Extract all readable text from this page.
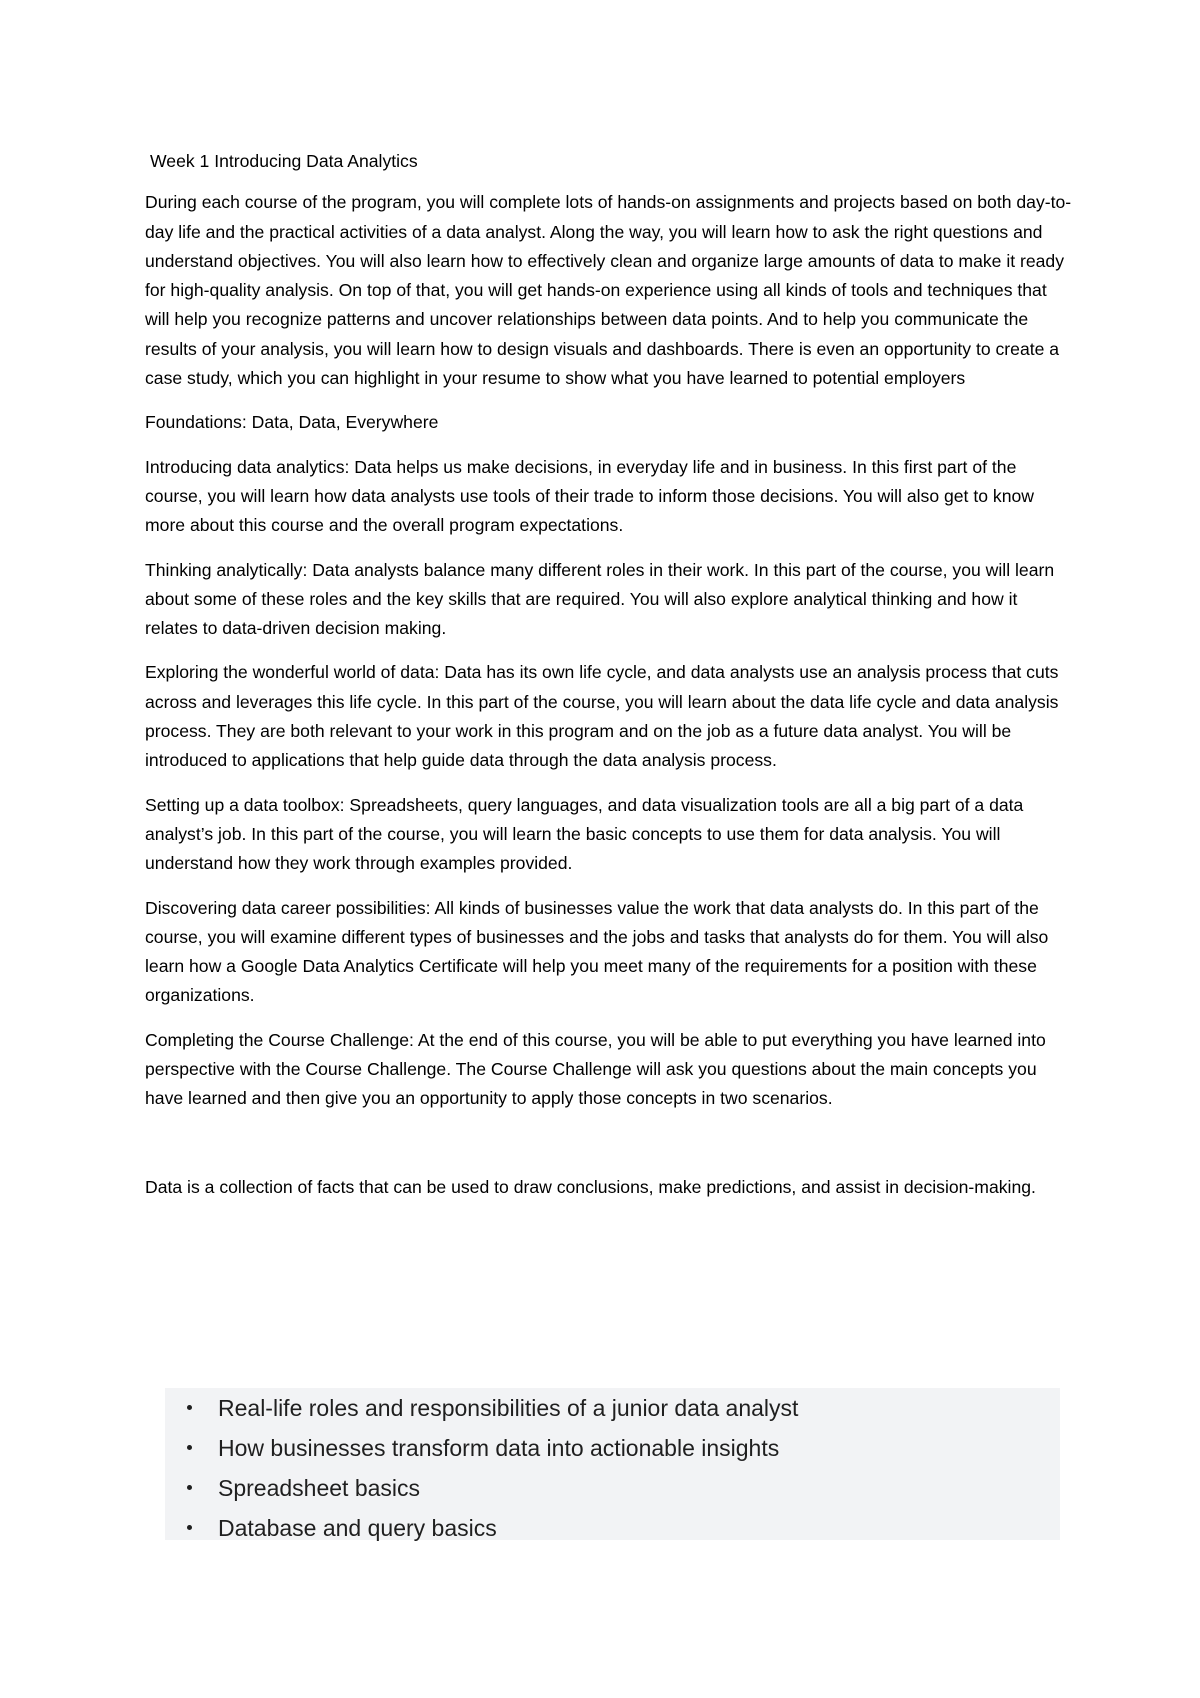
Week 1 Introducing Data Analytics

During each course of the program, you will complete lots of hands-on assignments and projects based on both day-to-day life and the practical activities of a data analyst. Along the way, you will learn how to ask the right questions and understand objectives. You will also learn how to effectively clean and organize large amounts of data to make it ready for high-quality analysis. On top of that, you will get hands-on experience using all kinds of tools and techniques that will help you recognize patterns and uncover relationships between data points. And to help you communicate the results of your analysis, you will learn how to design visuals and dashboards. There is even an opportunity to create a case study, which you can highlight in your resume to show what you have learned to potential employers

Foundations: Data, Data, Everywhere

Introducing data analytics: Data helps us make decisions, in everyday life and in business. In this first part of the course, you will learn how data analysts use tools of their trade to inform those decisions. You will also get to know more about this course and the overall program expectations.

Thinking analytically: Data analysts balance many different roles in their work. In this part of the course, you will learn about some of these roles and the key skills that are required. You will also explore analytical thinking and how it relates to data-driven decision making.

Exploring the wonderful world of data: Data has its own life cycle, and data analysts use an analysis process that cuts across and leverages this life cycle. In this part of the course, you will learn about the data life cycle and data analysis process. They are both relevant to your work in this program and on the job as a future data analyst. You will be introduced to applications that help guide data through the data analysis process.

Setting up a data toolbox: Spreadsheets, query languages, and data visualization tools are all a big part of a data analyst’s job. In this part of the course, you will learn the basic concepts to use them for data analysis. You will understand how they work through examples provided.

Discovering data career possibilities: All kinds of businesses value the work that data analysts do. In this part of the course, you will examine different types of businesses and the jobs and tasks that analysts do for them. You will also learn how a Google Data Analytics Certificate will help you meet many of the requirements for a position with these organizations.

Completing the Course Challenge: At the end of this course, you will be able to put everything you have learned into perspective with the Course Challenge. The Course Challenge will ask you questions about the main concepts you have learned and then give you an opportunity to apply those concepts in two scenarios.

Data is a collection of facts that can be used to draw conclusions, make predictions, and assist in decision-making.

Real-life roles and responsibilities of a junior data analyst
How businesses transform data into actionable insights
Spreadsheet basics
Database and query basics
